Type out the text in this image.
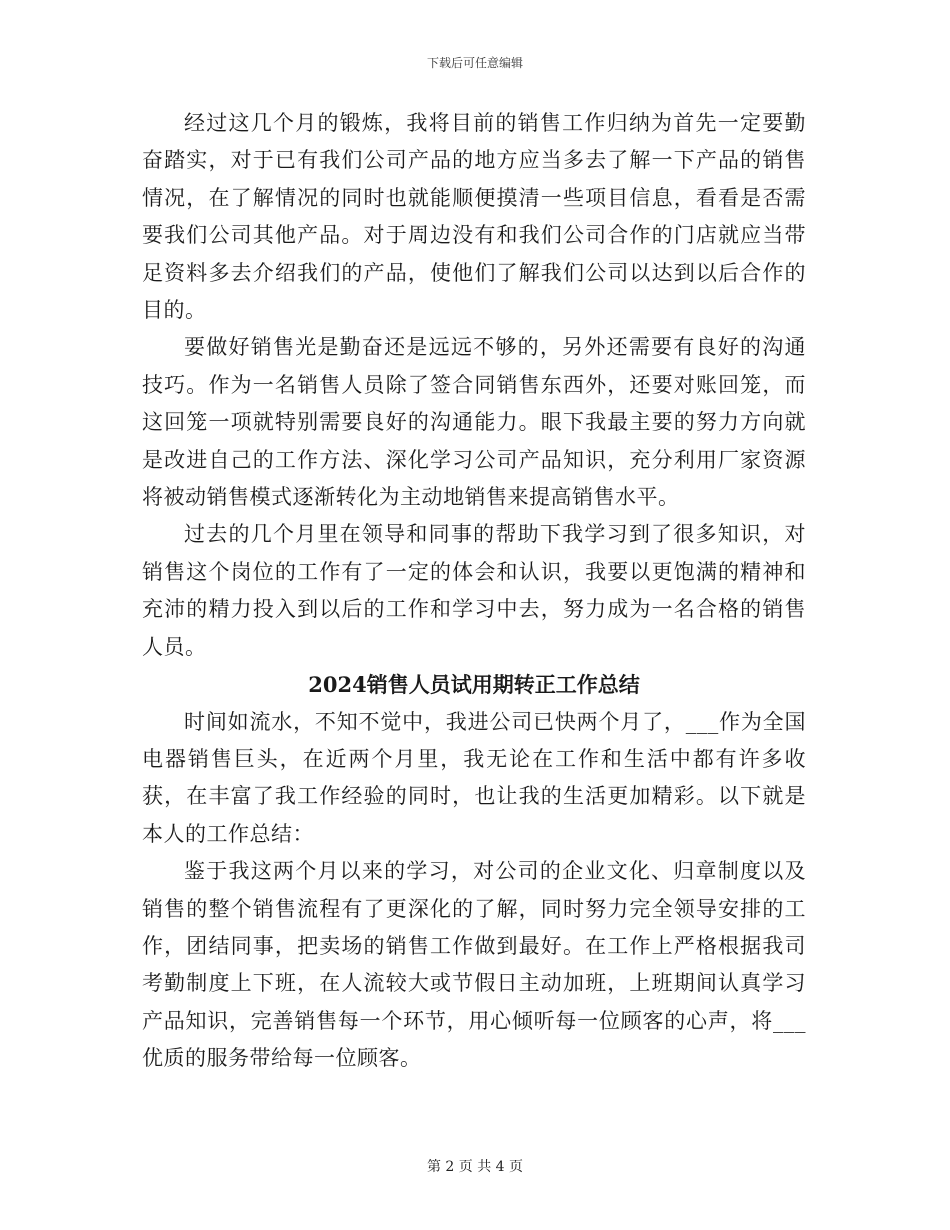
下载后可任意编辑

经过这几个月的锻炼，我将目前的销售工作归纳为首先一定要勤奋踏实，对于已有我们公司产品的地方应当多去了解一下产品的销售情况，在了解情况的同时也就能顺便摸清一些项目信息，看看是否需要我们公司其他产品。对于周边没有和我们公司合作的门店就应当带足资料多去介绍我们的产品，使他们了解我们公司以达到以后合作的目的。

要做好销售光是勤奋还是远远不够的，另外还需要有良好的沟通技巧。作为一名销售人员除了签合同销售东西外，还要对账回笼，而这回笼一项就特别需要良好的沟通能力。眼下我最主要的努力方向就是改进自己的工作方法、深化学习公司产品知识，充分利用厂家资源将被动销售模式逐渐转化为主动地销售来提高销售水平。

过去的几个月里在领导和同事的帮助下我学习到了很多知识，对销售这个岗位的工作有了一定的体会和认识，我要以更饱满的精神和充沛的精力投入到以后的工作和学习中去，努力成为一名合格的销售人员。

2024销售人员试用期转正工作总结

时间如流水，不知不觉中，我进公司已快两个月了，___作为全国电器销售巨头，在近两个月里，我无论在工作和生活中都有许多收获，在丰富了我工作经验的同时，也让我的生活更加精彩。以下就是本人的工作总结：

鉴于我这两个月以来的学习，对公司的企业文化、归章制度以及销售的整个销售流程有了更深化的了解，同时努力完全领导安排的工作，团结同事，把卖场的销售工作做到最好。在工作上严格根据我司考勤制度上下班，在人流较大或节假日主动加班，上班期间认真学习产品知识，完善销售每一个环节，用心倾听每一位顾客的心声，将___优质的服务带给每一位顾客。

第 2 页 共 4 页
